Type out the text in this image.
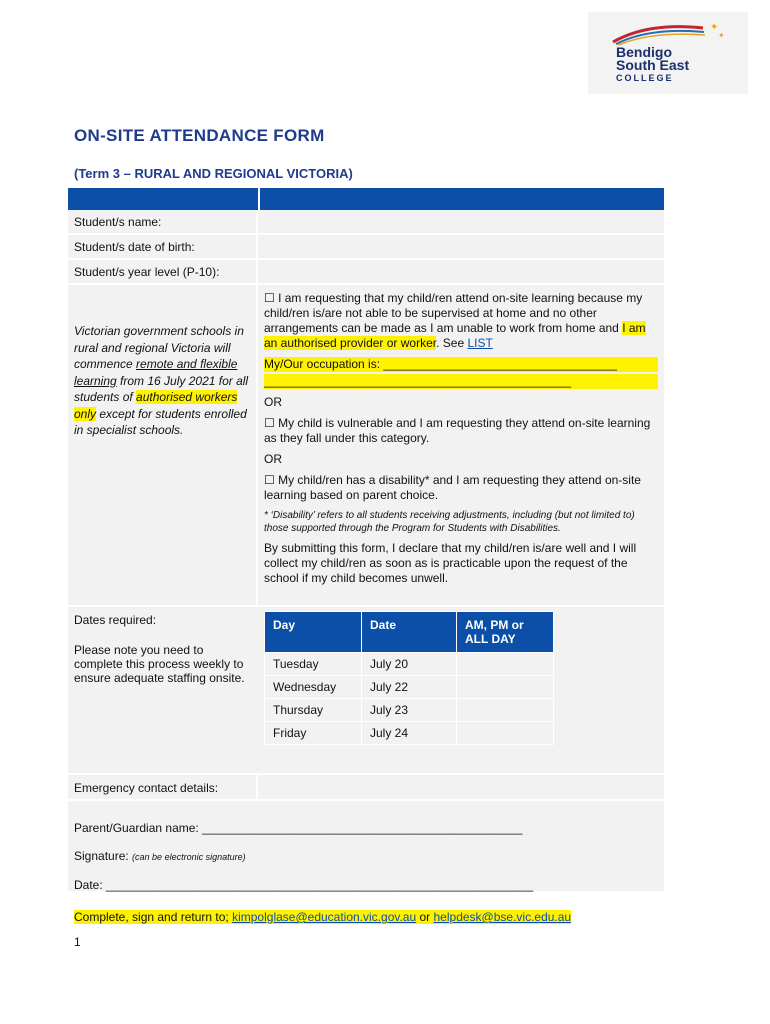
✦
✦
Bendigo
South East
COLLEGE
ON-SITE ATTENDANCE FORM
(Term 3 – RURAL AND REGIONAL VICTORIA)
Student/s name:
Student/s date of birth:
Student/s year level (P-10):
Victorian government schools in rural and regional Victoria will commence remote and flexible learning from 16 July 2021 for all students of authorised workers only except for students enrolled in specialist schools.

☐ I am requesting that my child/ren attend on-site learning because my child/ren is/are not able to be supervised at home and no other arrangements can be made as I am unable to work from home and I am an authorised provider or worker. See LIST

My/Our occupation is: ___________________________________

______________________________________________

OR

☐ My child is vulnerable and I am requesting they attend on-site learning as they fall under this category.

OR

☐ My child/ren has a disability* and I am requesting they attend on-site learning based on parent choice.

* ‘Disability’ refers to all students receiving adjustments, including (but not limited to) those supported through the Program for Students with Disabilities.

By submitting this form, I declare that my child/ren is/are well and I will collect my child/ren as soon as is practicable upon the request of the school if my child becomes unwell.

Dates required:
Please note you need to complete this process weekly to ensure adequate staffing onsite.
Day	Date	AM, PM or ALL DAY
Tuesday	July 20	
Wednesday	July 22	
Thursday	July 23	
Friday	July 24	
Emergency contact details:
Parent/Guardian name: ________________________________________________
Signature: (can be electronic signature)
Date: ________________________________________________________________
Complete, sign and return to; kimpolglase@education.vic.gov.au or helpdesk@bse.vic.edu.au
1
